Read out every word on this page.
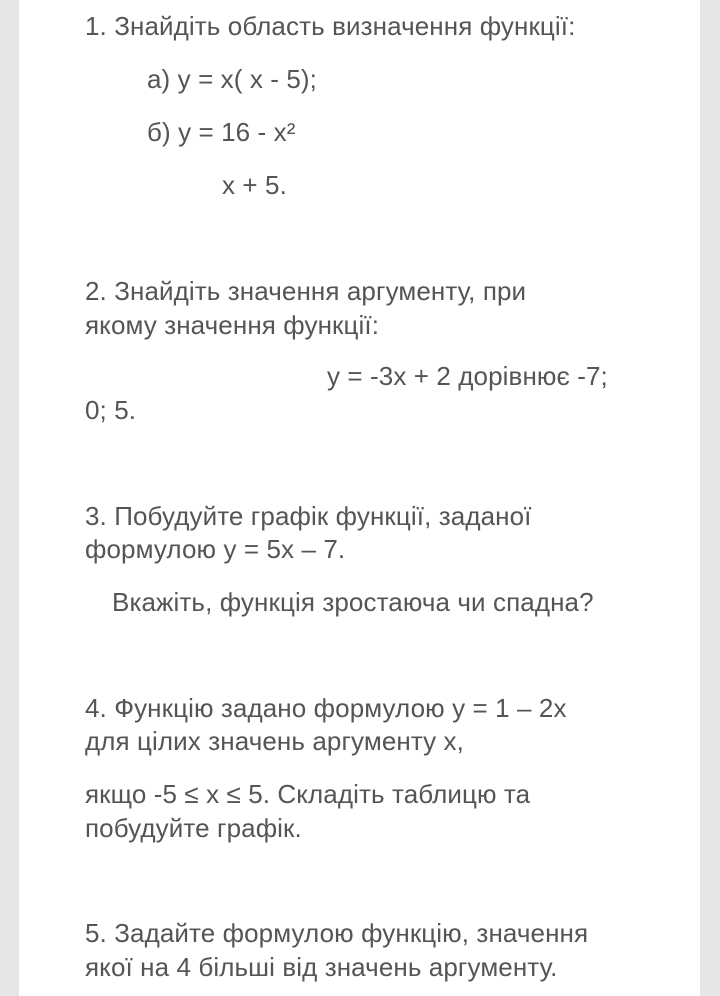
1. Знайдіть область визначення функції:
а) y = x( x - 5);
б) y = 16 - x²
x + 5.
2. Знайдіть значення аргументу, при
якому значення функції:
y = -3x + 2 дорівнює -7;
0; 5.
3. Побудуйте графік функції, заданої
формулою y = 5x – 7.
Вкажіть, функція зростаюча чи спадна?
4. Функцію задано формулою y = 1 – 2x
для цілих значень аргументу x,
якщо -5 ≤ x ≤ 5. Складіть таблицю та
побудуйте графік.
5. Задайте формулою функцію, значення
якої на 4 більші від значень аргументу.
